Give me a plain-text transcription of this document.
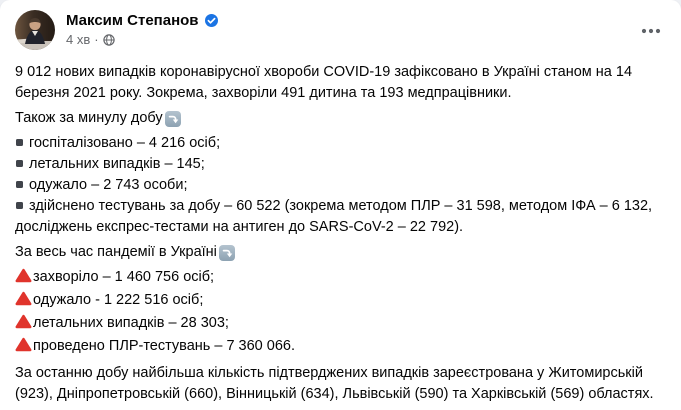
Максим Степанов
4 хв ·

9 012 нових випадків коронавірусної хвороби COVID-19 зафіксовано в Україні станом на 14 березня 2021 року. Зокрема, захворіли 491 дитина та 193 медпрацівники.

Також за минулу добу

госпіталізовано – 4 216 осіб;
летальних випадків – 145;
одужало – 2 743 особи;
здійснено тестувань за добу – 60 522 (зокрема методом ПЛР – 31 598, методом ІФА – 6 132, досліджень експрес-тестами на антиген до SARS-CoV-2 – 22 792).

За весь час пандемії в Україні

захворіло – 1 460 756 осіб;
одужало - 1 222 516 осіб;
летальних випадків – 28 303;
проведено ПЛР-тестувань – 7 360 066.

За останню добу найбільша кількість підтверджених випадків зареєстрована у Житомирській (923), Дніпропетровській (660), Вінницькій (634), Львівській (590) та Харківській (569) областях.
